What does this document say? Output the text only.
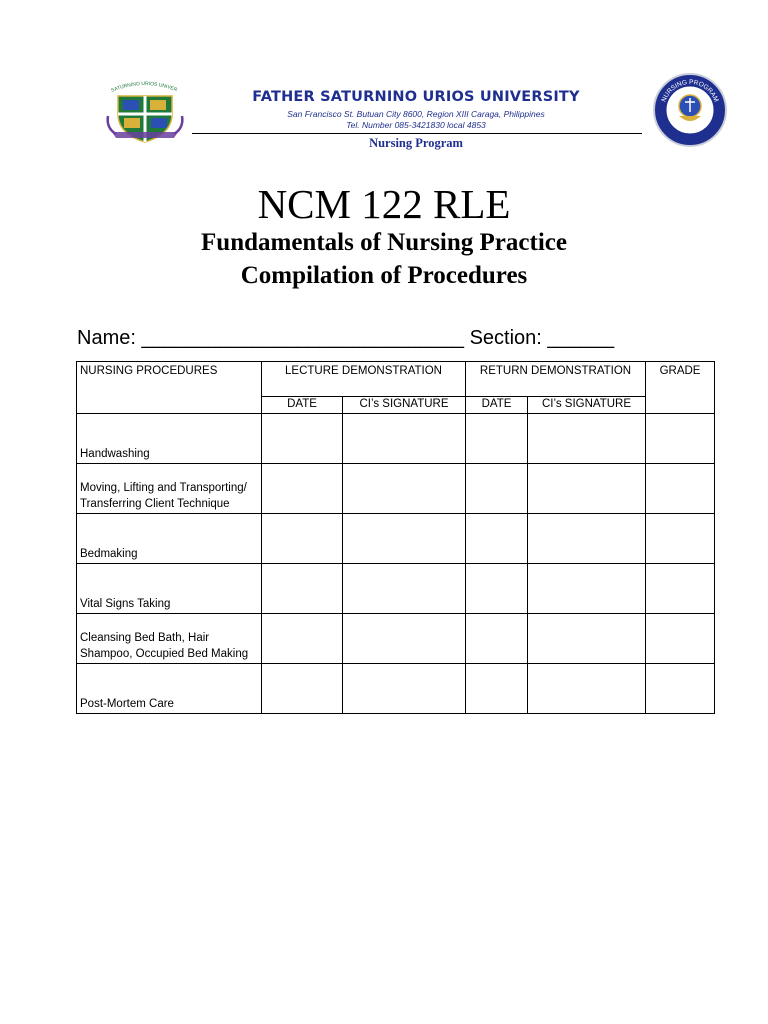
SATURNINO URIOS UNIVER	FATHER SATURNINO URIOS UNIVERSITY
San Francisco St. Butuan City 8600, Region XIII Caraga, Philippines
Tel. Number 085-3421830 local 4853
Nursing Program
NURSING PROGRAM
1993
NCM 122 RLE
Fundamentals of Nursing Practice
Compilation of Procedures
Name: _____________________________ Section: ______
NURSING PROCEDURES	LECTURE DEMONSTRATION		RETURN DEMONSTRATION		GRADE
	DATE	CI’s SIGNATURE	DATE	CI’s SIGNATURE	
Handwashing					
Moving, Lifting and Transporting/ Transferring Client Technique					
Bedmaking					
Vital Signs Taking					
Cleansing Bed Bath, Hair Shampoo, Occupied Bed Making					
Post-Mortem Care					
